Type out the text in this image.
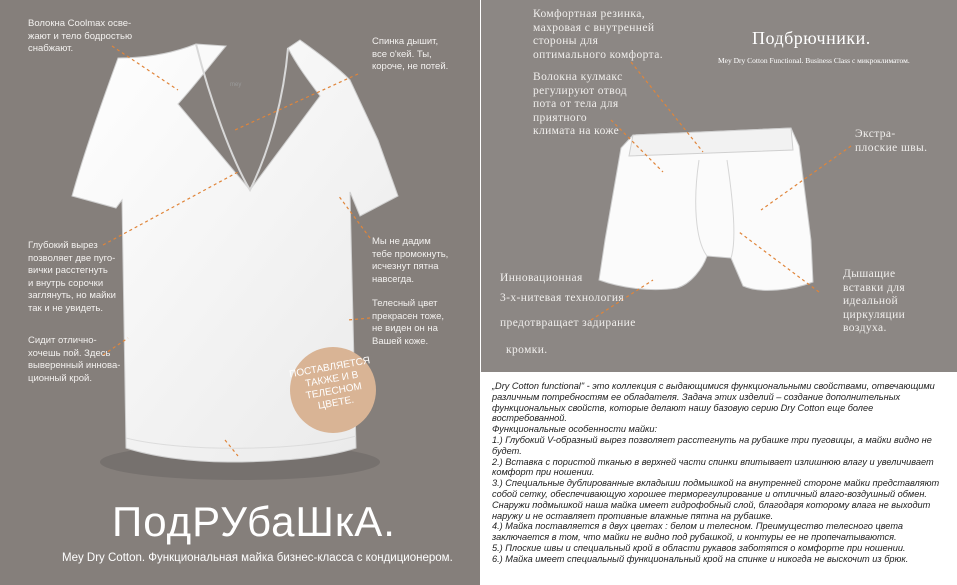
Волокна Coolmax осве-
жают и тело бодростью
снабжают.
Спинка дышит,
все о'кей. Ты,
короче, не потей.
Глубокий вырез
позволяет две пуго-
вички расстегнуть
и внутрь сорочки
заглянуть, но майки
так и не увидеть.
Мы не дадим
тебе промокнуть,
исчезнут пятна
навсегда.
Телесный цвет
прекрасен тоже,
не виден он на
Вашей коже.
Сидит отлично-
хочешь пой. Здесь
выверенный иннова-
ционный крой.
mey
ПОСТАВЛЯЕТСЯ
ТАКЖЕ И В
ТЕЛЕСНОМ
ЦВЕТЕ.
ПодРУбаШкА.
Mey Dry Cotton. Функциональная майка бизнес-класса с кондиционером.
Комфортная резинка,
махровая с внутренней
стороны для
оптимального комфорта.
Волокна кулмакс
регулируют отвод
пота от тела для
приятного
климата на коже	Экстра-
плоские швы.
Дышащие
вставки для
идеальной
циркуляции
воздуха.
Инновационная
3-х-нитевая технология
предотвращает задирание
кромки.
Подбрючники.
Mey Dry Cotton Functional. Business Class с микроклиматом.

„Dry Cotton functional" - это коллекция с выдающимися функциональными свойствами, отвечающими различным потребностям ее обладателя. Задача этих изделий – создание дополнительных функциональных свойств, которые делают нашу базовую серию Dry Cotton еще более востребованной.

Функциональные особенности майки:

1.) Глубокий V-образный вырез позволяет расстегнуть на рубашке три пуговицы, а майки видно не будет.

2.) Вставка с пористой тканью в верхней части спинки впитывает излишнюю влагу и увеличивает комфорт при ношении.

3.) Специальные дублированные вкладыши подмышкой на внутренней стороне майки представляют собой сетку, обеспечивающую хорошее терморегулирование и отличный влаго-воздушный обмен. Снаружи подмышкой наша майка имеет гидрофобный слой, благодаря которому влага не выходит наружу и не оставляет противные влажные пятна на рубашке.

4.) Майка поставляется в двух цветах : белом и телесном. Преимущество телесного цвета заключается в том, что майки не видно под рубашкой, и контуры ее не пропечатываются.

5.) Плоские швы и специальный крой в области рукавов заботятся о комфорте при ношении.

6.) Майка имеет специальный функциональный крой на спинке и никогда не выскочит из брюк.
